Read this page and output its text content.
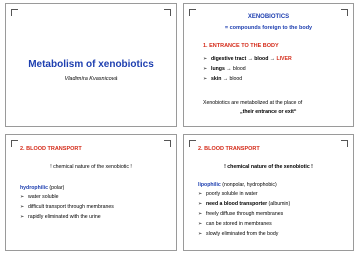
Metabolism of xenobiotics
Vladimíra Kvasnicová
XENOBIOTICS
= compounds foreign to the body
1. ENTRANCE TO THE BODY
➢ digestive tract → blood → LIVER
➢ lungs → blood
➢ skin → blood
Xenobiotics are metabolized at the place of
„their entrance or exit“
2. BLOOD TRANSPORT
! chemical nature of the xenobiotic !
hydrophilic (polar)
➢ water soluble
➢ difficult transport through membranes
➢ rapidly eliminated with the urine
2. BLOOD TRANSPORT
! chemical nature of the xenobiotic !
lipophilic (nonpolar, hydrophobic)
➢ poorly soluble in water
➢ need a blood transporter (albumin)
➢ freely diffuse through membranes
➢ can be stored in membranes
➢ slowly eliminated from the body
